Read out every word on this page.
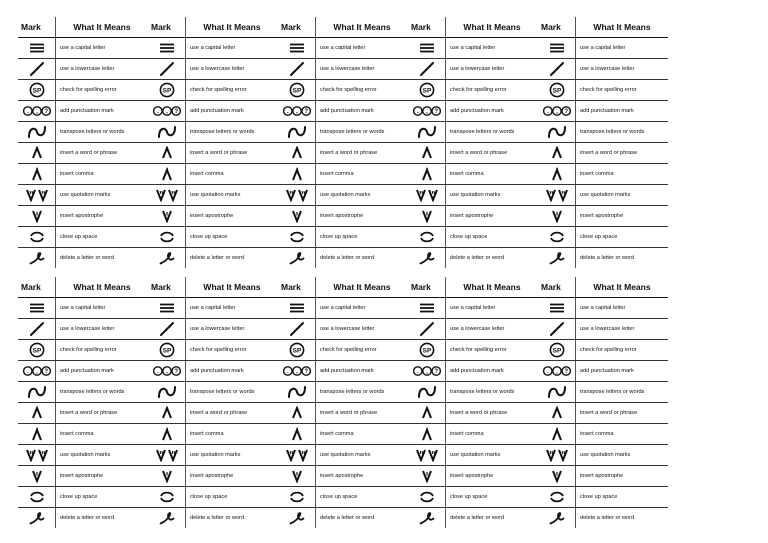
Mark	What It Means

	use a capital letter

	use a lowercase letter

SP	check for spelling error

. , ?	add punctuation mark

	transpose letters or words

	insert a word or phrase

	insert comma

	use quotation marks

	insert apostrophe

	close up space

	delete a letter or word
Mark	What It Means

	use a capital letter

	use a lowercase letter

SP	check for spelling error

. , ?	add punctuation mark

	transpose letters or words

	insert a word or phrase

	insert comma

	use quotation marks

	insert apostrophe

	close up space

	delete a letter or word
Mark	What It Means

	use a capital letter

	use a lowercase letter

SP	check for spelling error

. , ?	add punctuation mark

	transpose letters or words

	insert a word or phrase

	insert comma

	use quotation marks

	insert apostrophe

	close up space

	delete a letter or word
Mark	What It Means

	use a capital letter

	use a lowercase letter

SP	check for spelling error

. , ?	add punctuation mark

	transpose letters or words

	insert a word or phrase

	insert comma

	use quotation marks

	insert apostrophe

	close up space

	delete a letter or word
Mark	What It Means

	use a capital letter

	use a lowercase letter

SP	check for spelling error

. , ?	add punctuation mark

	transpose letters or words

	insert a word or phrase

	insert comma

	use quotation marks

	insert apostrophe

	close up space

	delete a letter or word
Mark	What It Means

	use a capital letter

	use a lowercase letter

SP	check for spelling error

. , ?	add punctuation mark

	transpose letters or words

	insert a word or phrase

	insert comma

	use quotation marks

	insert apostrophe

	close up space

	delete a letter or word
Mark	What It Means

	use a capital letter

	use a lowercase letter

SP	check for spelling error

. , ?	add punctuation mark

	transpose letters or words

	insert a word or phrase

	insert comma

	use quotation marks

	insert apostrophe

	close up space

	delete a letter or word
Mark	What It Means

	use a capital letter

	use a lowercase letter

SP	check for spelling error

. , ?	add punctuation mark

	transpose letters or words

	insert a word or phrase

	insert comma

	use quotation marks

	insert apostrophe

	close up space

	delete a letter or word
Mark	What It Means

	use a capital letter

	use a lowercase letter

SP	check for spelling error

. , ?	add punctuation mark

	transpose letters or words

	insert a word or phrase

	insert comma

	use quotation marks

	insert apostrophe

	close up space

	delete a letter or word
Mark	What It Means

	use a capital letter

	use a lowercase letter

SP	check for spelling error

. , ?	add punctuation mark

	transpose letters or words

	insert a word or phrase

	insert comma

	use quotation marks

	insert apostrophe

	close up space

	delete a letter or word
